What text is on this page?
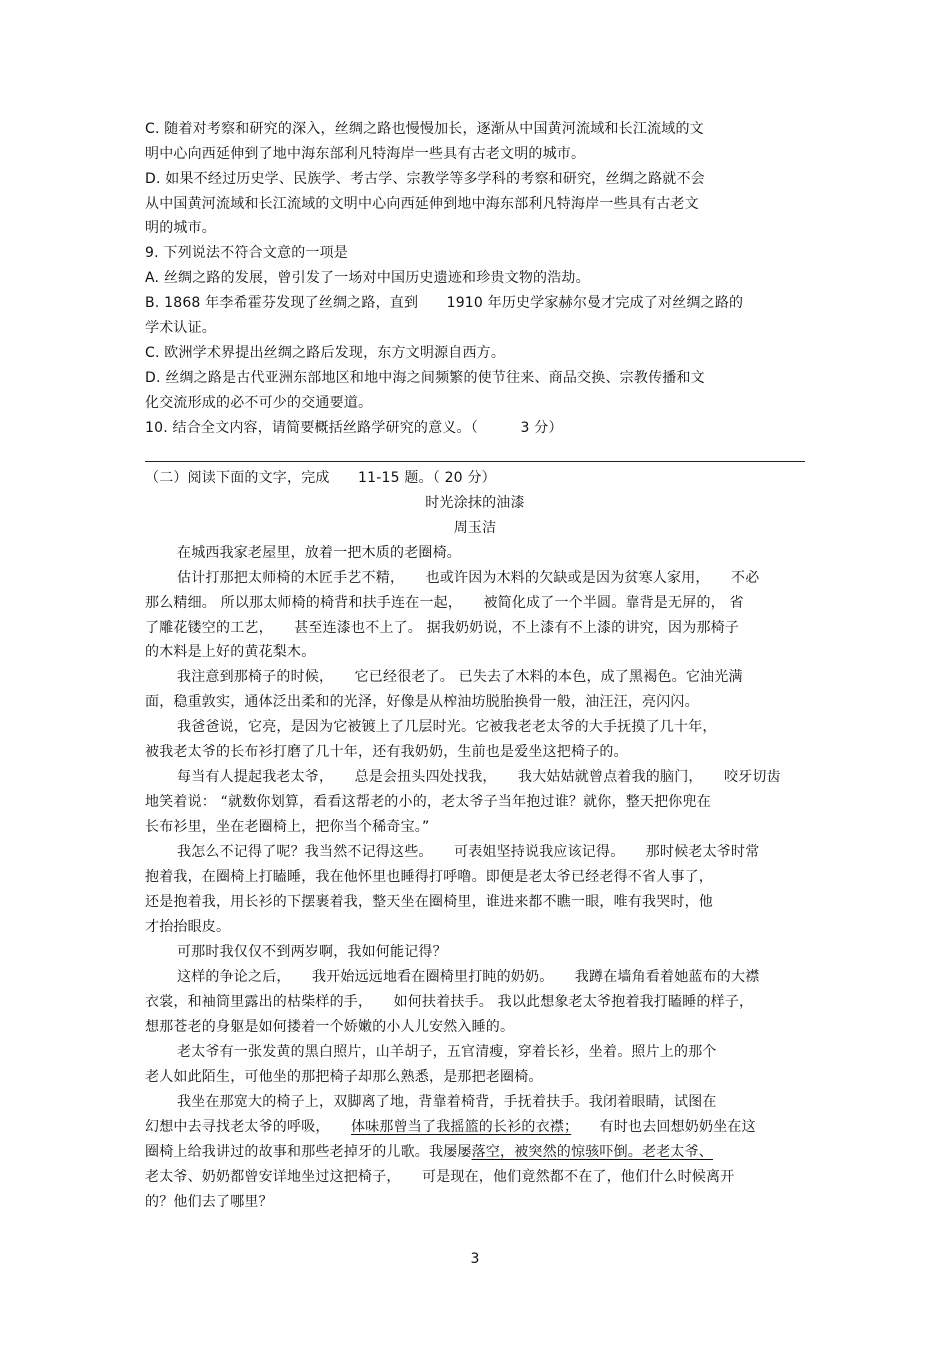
C. 随着对考察和研究的深入，丝绸之路也慢慢加长，逐渐从中国黄河流域和长江流域的文
明中心向西延伸到了地中海东部利凡特海岸一些具有古老文明的城市。
D. 如果不经过历史学、民族学、考古学、宗教学等多学科的考察和研究，丝绸之路就不会
从中国黄河流域和长江流域的文明中心向西延伸到地中海东部利凡特海岸一些具有古老文
明的城市。
9. 下列说法不符合文意的一项是
A. 丝绸之路的发展，曾引发了一场对中国历史遗迹和珍贵文物的浩劫。
B. 1868 年李希霍芬发现了丝绸之路，直到　　1910 年历史学家赫尔曼才完成了对丝绸之路的
学术认证。
C. 欧洲学术界提出丝绸之路后发现，东方文明源自西方。
D. 丝绸之路是古代亚洲东部地区和地中海之间频繁的使节往来、商品交换、宗教传播和文
化交流形成的必不可少的交通要道。
10. 结合全文内容，请简要概括丝路学研究的意义。（　　　3 分）
（二）阅读下面的文字，完成　　11-15 题。（ 20 分）
时光涂抹的油漆
周玉洁
在城西我家老屋里，放着一把木质的老圈椅。
估计打那把太师椅的木匠手艺不精，　　也或许因为木料的欠缺或是因为贫寒人家用，　　不必
那么精细。 所以那太师椅的椅背和扶手连在一起，　　被简化成了一个半圆。靠背是无屏的， 省
了雕花镂空的工艺，　　甚至连漆也不上了。 据我奶奶说，不上漆有不上漆的讲究，因为那椅子
的木料是上好的黄花梨木。
我注意到那椅子的时候，　　它已经很老了。 已失去了木料的本色，成了黑褐色。它油光满
面，稳重敦实，通体泛出柔和的光泽，好像是从榨油坊脱胎换骨一般，油汪汪，亮闪闪。
我爸爸说，它亮，是因为它被镀上了几层时光。它被我老老太爷的大手抚摸了几十年，
被我老太爷的长布衫打磨了几十年，还有我奶奶，生前也是爱坐这把椅子的。
每当有人提起我老太爷，　　总是会扭头四处找我，　　我大姑姑就曾点着我的脑门，　　咬牙切齿
地笑着说： “就数你划算，看看这帮老的小的，老太爷子当年抱过谁？就你，整天把你兜在
长布衫里，坐在老圈椅上，把你当个稀奇宝。”
我怎么不记得了呢？我当然不记得这些。　　可表姐坚持说我应该记得。　　那时候老太爷时常
抱着我，在圈椅上打瞌睡，我在他怀里也睡得打呼噜。即便是老太爷已经老得不省人事了，
还是抱着我，用长衫的下摆裹着我，整天坐在圈椅里，谁进来都不瞧一眼，唯有我哭时，他
才抬抬眼皮。
可那时我仅仅不到两岁啊，我如何能记得？
这样的争论之后，　　我开始远远地看在圈椅里打盹的奶奶。　　我蹲在墙角看着她蓝布的大襟
衣裳，和袖筒里露出的枯柴样的手，　　如何扶着扶手。 我以此想象老太爷抱着我打瞌睡的样子，
想那苍老的身躯是如何搂着一个娇嫩的小人儿安然入睡的。
老太爷有一张发黄的黑白照片，山羊胡子，五官清瘦，穿着长衫，坐着。照片上的那个
老人如此陌生，可他坐的那把椅子却那么熟悉，是那把老圈椅。
我坐在那宽大的椅子上，双脚离了地，背靠着椅背，手抚着扶手。我闭着眼睛，试图在
幻想中去寻找老太爷的呼吸，　　体味那曾当了我摇篮的长衫的衣襟；　　有时也去回想奶奶坐在这
圈椅上给我讲过的故事和那些老掉牙的儿歌。我屡屡落空，被突然的惊骇吓倒。老老太爷、
老太爷、奶奶都曾安详地坐过这把椅子，　　可是现在，他们竟然都不在了，他们什么时候离开
的？他们去了哪里？
3
